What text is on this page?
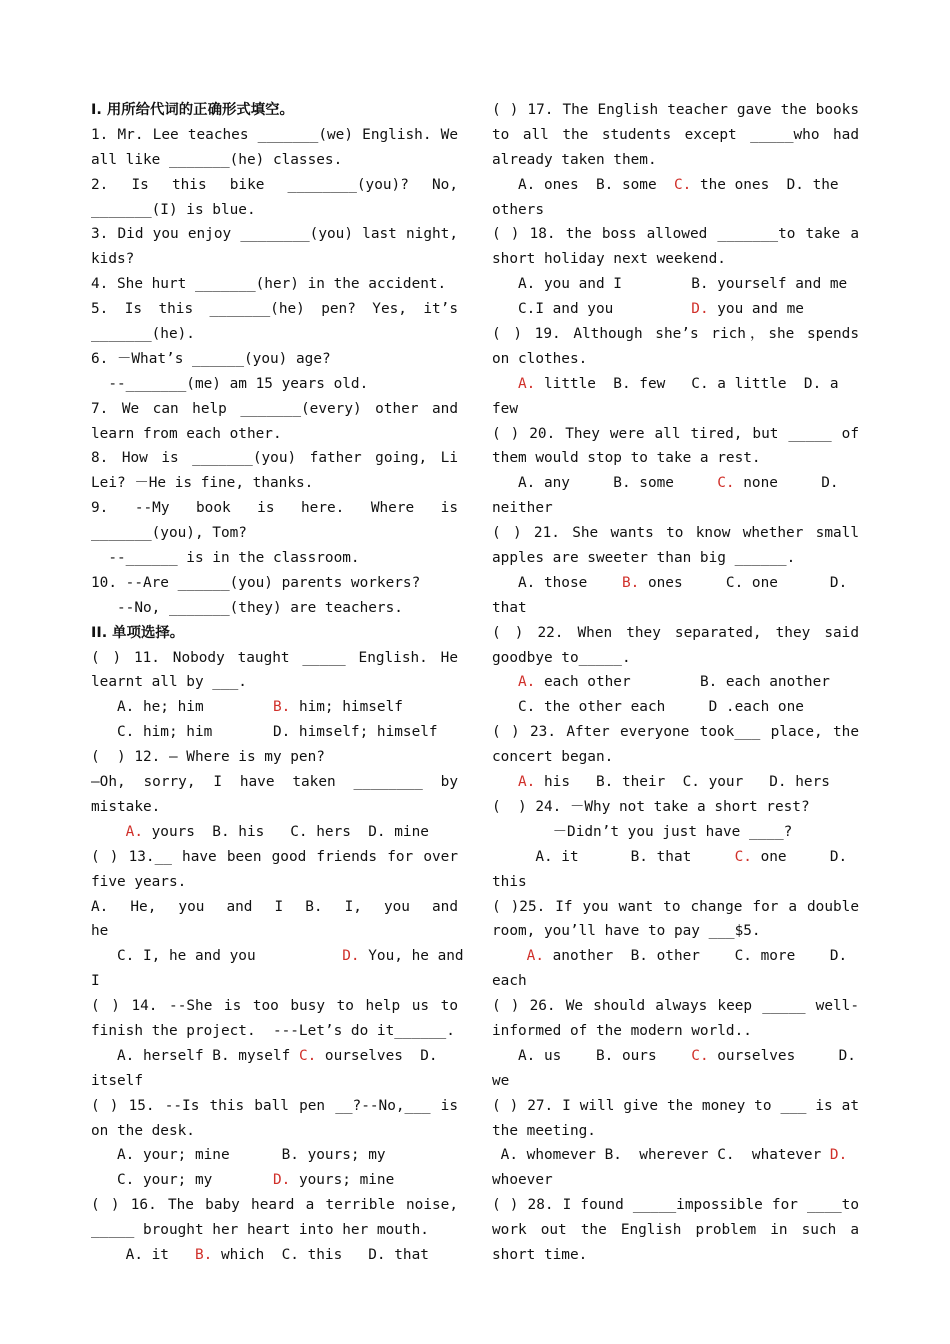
I. 用所给代词的正确形式填空。
1. Mr. Lee teaches _______(we) English. We
all like _______(he) classes.
2. Is this bike ________(you)? No,
_______(I) is blue.
3. Did you enjoy ________(you) last night,
kids?
4. She hurt _______(her) in the accident.
5. Is this _______(he) pen? Yes, it’s
_______(he).
6. －What’s ______(you) age?
--_______(me) am 15 years old.
7. We can help _______(every) other and
learn from each other.
8. How is _______(you) father going, Li
Lei? －He is fine, thanks.
9. --My book is here. Where is
_______(you), Tom?
--______ is in the classroom.
10. --Are ______(you) parents workers?
--No, _______(they) are teachers.
II. 单项选择。
( ) 11. Nobody taught _____ English. He
learnt all by ___.
A. he; him        B. him; himself
C. him; him       D. himself; himself
(  ) 12. — Where is my pen?
—Oh, sorry, I have taken ________ by
mistake.
A. yours  B. his   C. hers  D. mine
( ) 13.__ have been good friends for over
five years.
A. He, you and I B. I, you and
he
C. I, he and you          D. You, he and
I
( ) 14. --She is too busy to help us to
finish the project.  ---Let’s do it______.
A. herself B. myself C. ourselves  D.
itself
( ) 15. --Is this ball pen __?--No,___ is
on the desk.
A. your; mine      B. yours; my
C. your; my       D. yours; mine
( ) 16. The baby heard a terrible noise,
_____ brought her heart into her mouth.
A. it   B. which  C. this   D. that
( ) 17. The English teacher gave the books
to all the students except _____who had
already taken them.
A. ones  B. some  C. the ones  D. the
others
( ) 18. the boss allowed _______to take a
short holiday next weekend.
A. you and I        B. yourself and me
C.I and you         D. you and me
( ) 19. Although she’s rich，she spends
on clothes.
A. little  B. few   C. a little  D. a
few
( ) 20. They were all tired, but _____ of
them would stop to take a rest.
A. any     B. some     C. none     D.
neither
( ) 21. She wants to know whether small
apples are sweeter than big ______.
A. those    B. ones     C. one      D.
that
( ) 22. When they separated, they said
goodbye to_____.
A. each other        B. each another
C. the other each     D .each one
( ) 23. After everyone took___ place, the
concert began.
A. his   B. their  C. your   D. hers
(  ) 24. －Why not take a short rest?
－Didn’t you just have ____?
A. it      B. that     C. one     D.
this
( )25. If you want to change for a double
room, you’ll have to pay ___$5.
A. another  B. other    C. more    D.
each
( ) 26. We should always keep _____ well-
informed of the modern world..
A. us    B. ours    C. ourselves     D.
we
( ) 27. I will give the money to ___ is at
the meeting.
A. whomever B.  wherever C.  whatever D.
whoever
( ) 28. I found _____impossible for ____to
work out the English problem in such a
short time.
